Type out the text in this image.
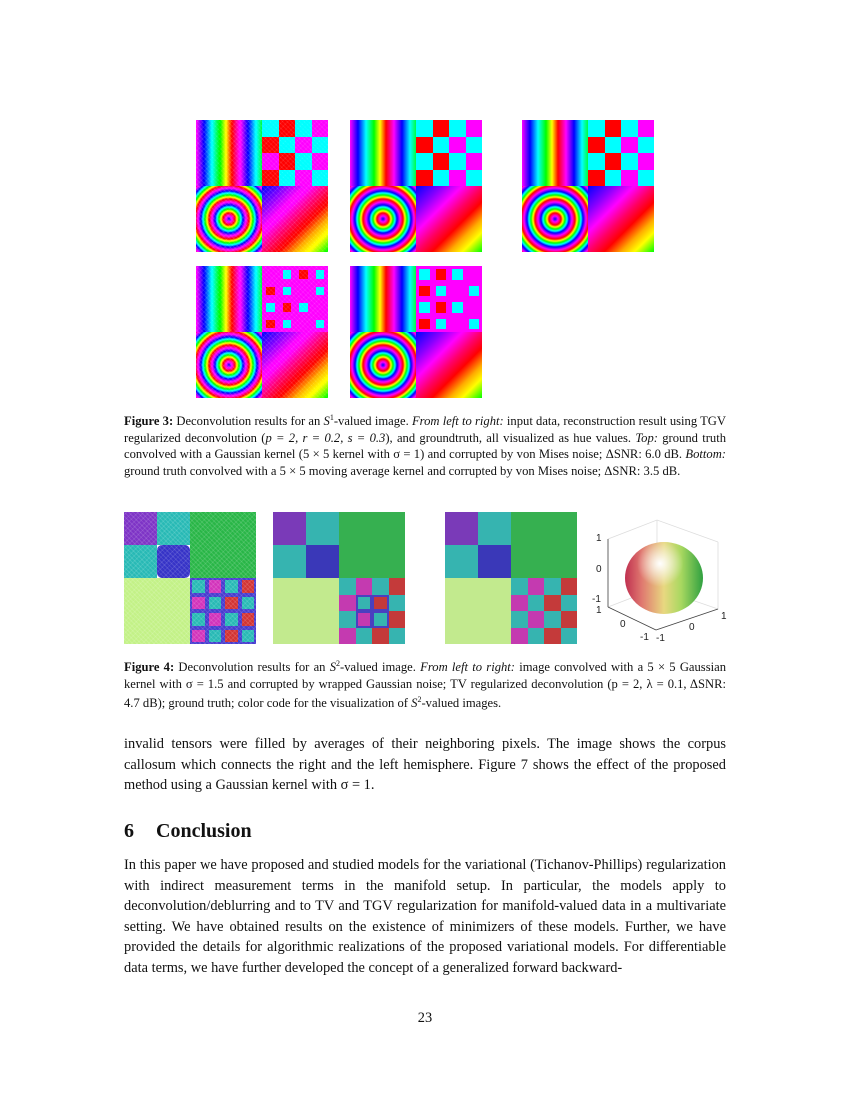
Figure 3: Deconvolution results for an $S^1$-valued image. From left to right: input data, reconstruction result using TGV regularized deconvolution (p = 2, r = 0.2, s = 0.3), and groundtruth, all visualized as hue values. Top: ground truth convolved with a Gaussian kernel (5 × 5 kernel with σ = 1) and corrupted by von Mises noise; ΔSNR: 6.0 dB. Bottom: ground truth convolved with a 5 × 5 moving average kernel and corrupted by von Mises noise; ΔSNR: 3.5 dB.
1
0
-1
1
0
-1 -1
0
1
Figure 4: Deconvolution results for an $S^2$-valued image. From left to right: image convolved with a 5 × 5 Gaussian kernel with σ = 1.5 and corrupted by wrapped Gaussian noise; TV regularized deconvolution (p = 2, λ = 0.1, ΔSNR: 4.7 dB); ground truth; color code for the visualization of $S^2$-valued images.

invalid tensors were filled by averages of their neighboring pixels. The image shows the corpus callosum which connects the right and the left hemisphere. Figure 7 shows the effect of the proposed method using a Gaussian kernel with σ = 1.

6 Conclusion

In this paper we have proposed and studied models for the variational (Tichanov-Phillips) regularization with indirect measurement terms in the manifold setup. In particular, the models apply to deconvolution/deblurring and to TV and TGV regularization for manifold-valued data in a multivariate setting. We have obtained results on the existence of minimizers of these models. Further, we have provided the details for algorithmic realizations of the proposed variational models. For differentiable data terms, we have further developed the concept of a generalized forward backward-

23
